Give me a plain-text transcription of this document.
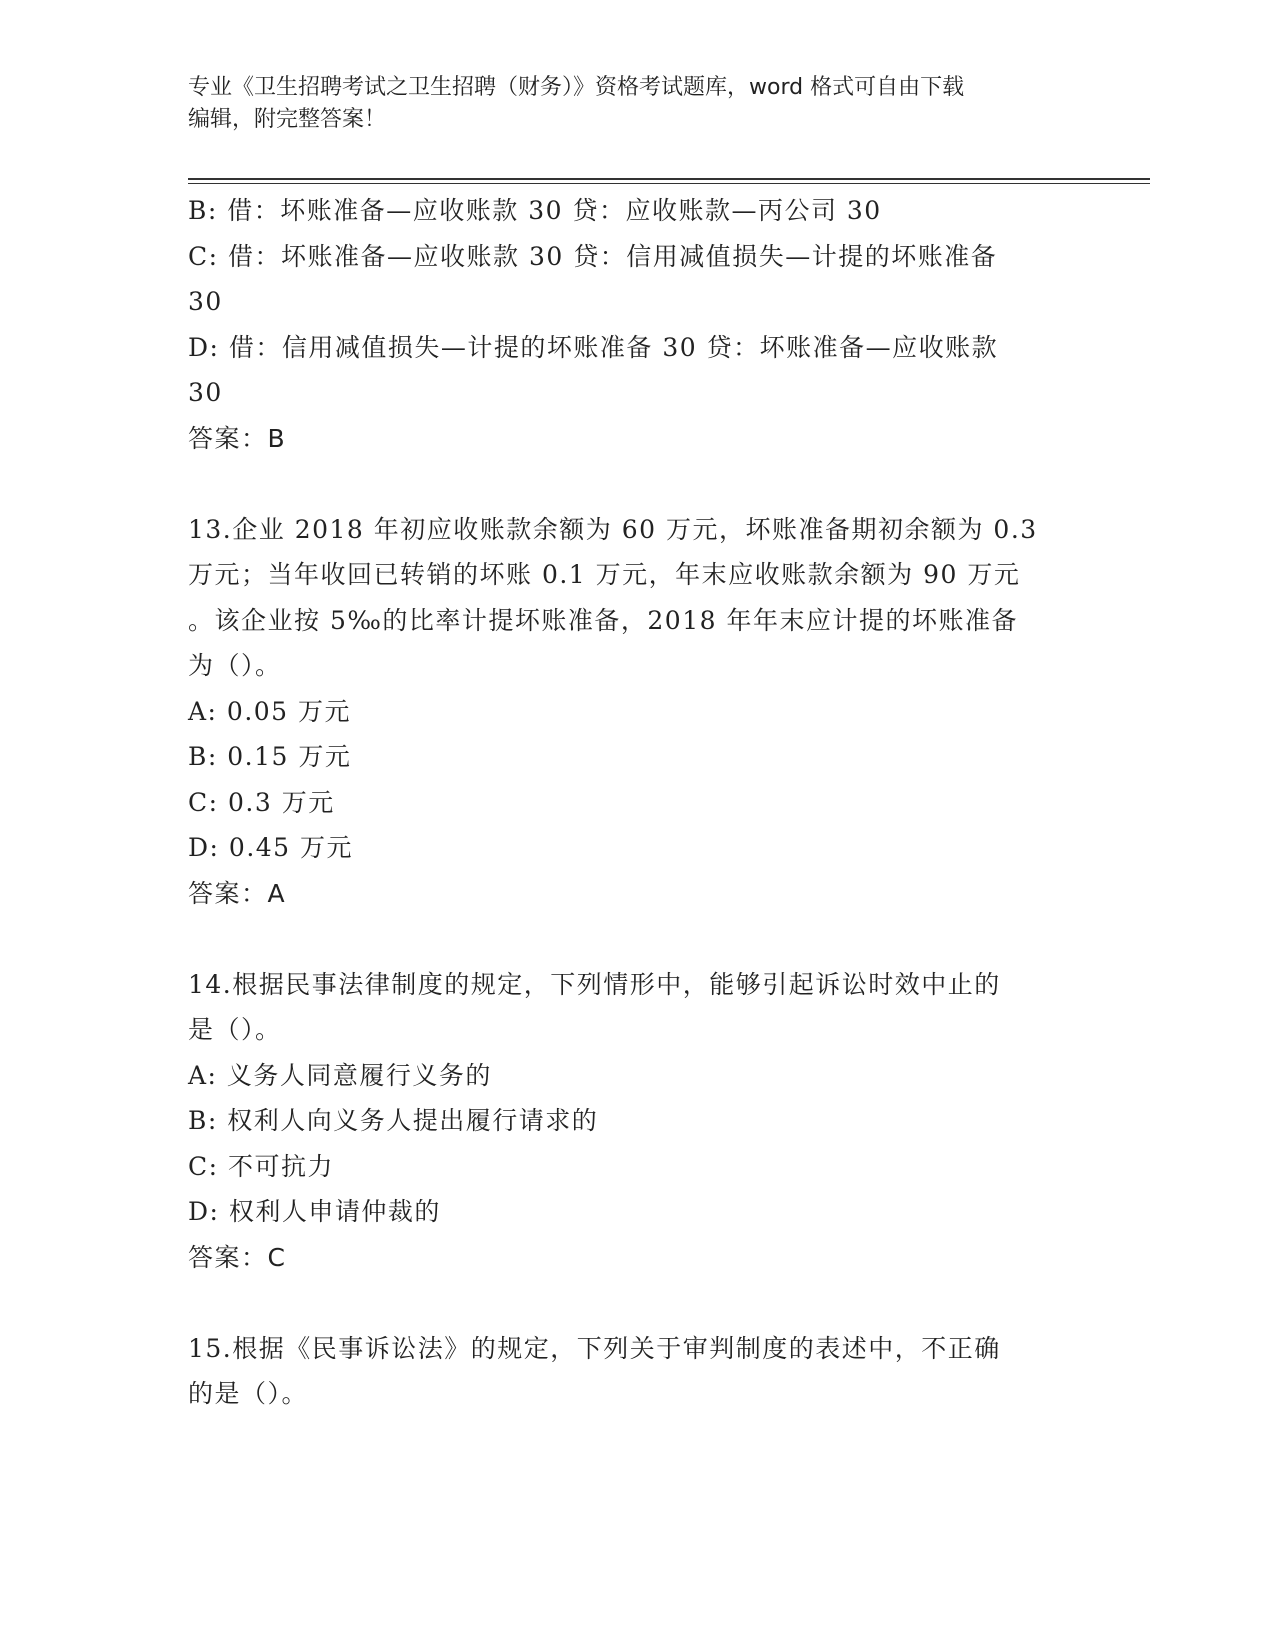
专业《卫生招聘考试之卫生招聘（财务）》资格考试题库，word 格式可自由下载
编辑，附完整答案！
B: 借：坏账准备—应收账款 30 贷：应收账款—丙公司 30
C: 借：坏账准备—应收账款 30 贷：信用减值损失—计提的坏账准备
30
D: 借：信用减值损失—计提的坏账准备 30 贷：坏账准备—应收账款
30
答案：B
13.企业 2018 年初应收账款余额为 60 万元，坏账准备期初余额为 0.3
万元；当年收回已转销的坏账 0.1 万元，年末应收账款余额为 90 万元
。该企业按 5‰的比率计提坏账准备，2018 年年末应计提的坏账准备
为（）。
A: 0.05 万元
B: 0.15 万元
C: 0.3 万元
D: 0.45 万元
答案：A
14.根据民事法律制度的规定，下列情形中，能够引起诉讼时效中止的
是（）。
A: 义务人同意履行义务的
B: 权利人向义务人提出履行请求的
C: 不可抗力
D: 权利人申请仲裁的
答案：C
15.根据《民事诉讼法》的规定，下列关于审判制度的表述中，不正确
的是（）。
